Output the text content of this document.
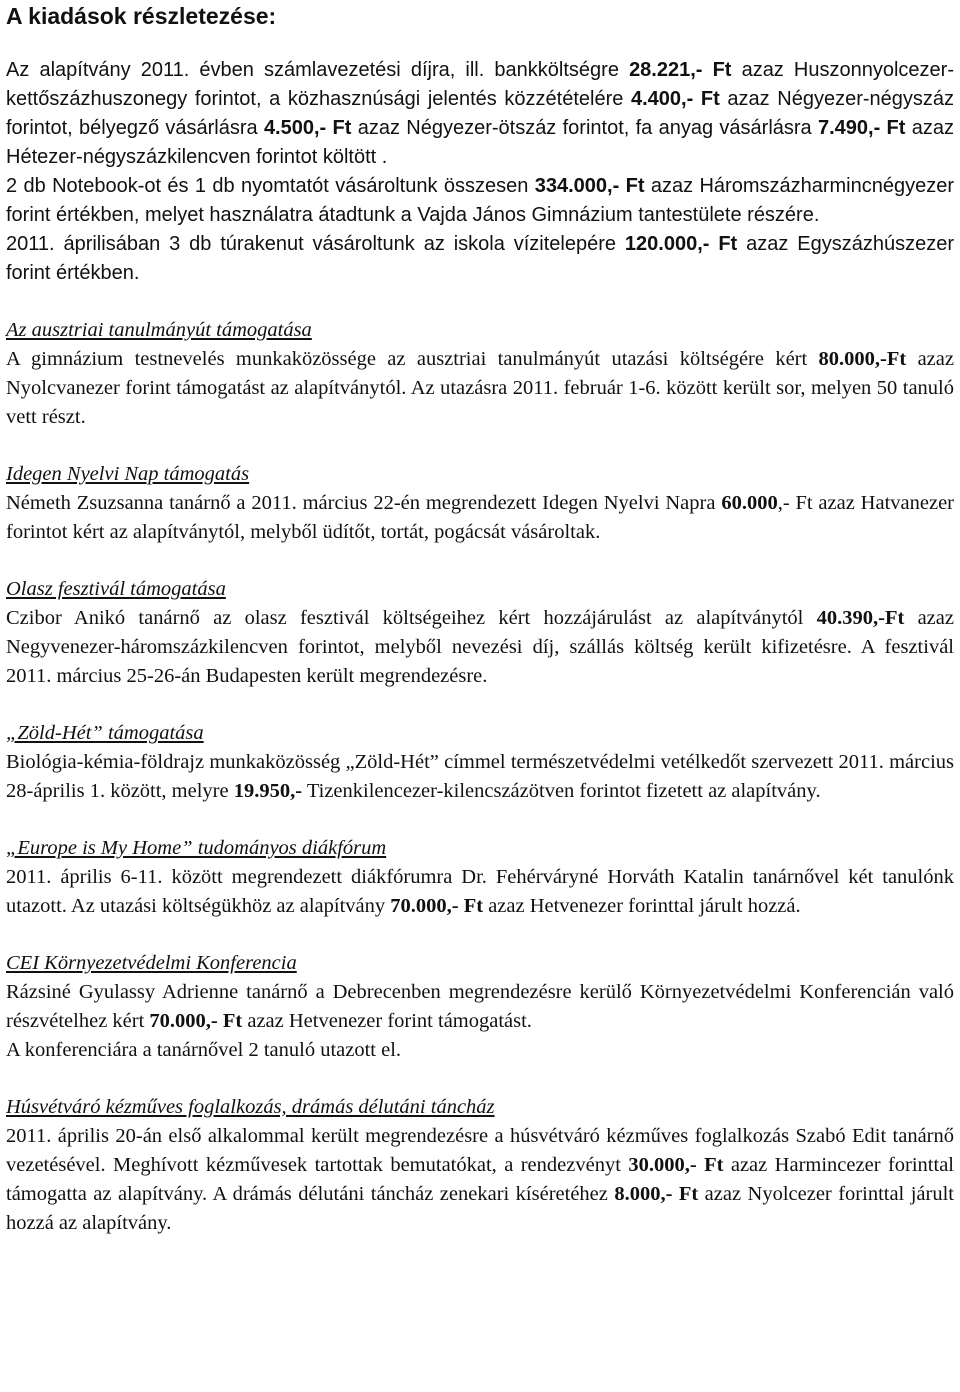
A kiadások részletezése:

Az alapítvány 2011. évben számlavezetési díjra, ill. bankköltségre 28.221,- Ft azaz Huszonnyolcezer-kettőszázhuszonegy forintot, a közhasznúsági jelentés közzétételére 4.400,- Ft azaz Négyezer-négyszáz forintot, bélyegző vásárlásra 4.500,- Ft azaz Négyezer-ötszáz forintot, fa anyag vásárlásra 7.490,- Ft azaz Hétezer-négyszázkilencven forintot költött .

2 db Notebook-ot és 1 db nyomtatót vásároltunk összesen 334.000,- Ft azaz Háromszázharmincnégyezer forint értékben, melyet használatra átadtunk a Vajda János Gimnázium tantestülete részére.

2011. áprilisában 3 db túrakenut vásároltunk az iskola vízitelepére 120.000,- Ft azaz Egyszázhúszezer forint értékben.

Az ausztriai tanulmányút támogatása

A gimnázium testnevelés munkaközössége az ausztriai tanulmányút utazási költségére kért 80.000,-Ft azaz Nyolcvanezer forint támogatást az alapítványtól. Az utazásra 2011. február 1-6. között került sor, melyen 50 tanuló vett részt.

Idegen Nyelvi Nap támogatás

Németh Zsuzsanna tanárnő a 2011. március 22-én megrendezett Idegen Nyelvi Napra 60.000,- Ft azaz Hatvanezer forintot kért az alapítványtól, melyből üdítőt, tortát, pogácsát vásároltak.

Olasz fesztivál támogatása

Czibor Anikó tanárnő az olasz fesztivál költségeihez kért hozzájárulást az alapítványtól 40.390,-Ft azaz Negyvenezer-háromszázkilencven forintot, melyből nevezési díj, szállás költség került kifizetésre. A fesztivál 2011. március 25-26-án Budapesten került megrendezésre.

„Zöld-Hét” támogatása

Biológia-kémia-földrajz munkaközösség „Zöld-Hét” címmel természetvédelmi vetélkedőt szervezett 2011. március 28-április 1. között, melyre 19.950,- Tizenkilencezer-kilencszázötven forintot fizetett az alapítvány.

„Europe is My Home” tudományos diákfórum

2011. április 6-11. között megrendezett diákfórumra Dr. Fehérváryné Horváth Katalin tanárnővel két tanulónk utazott. Az utazási költségükhöz az alapítvány 70.000,- Ft azaz Hetvenezer forinttal járult hozzá.

CEI Környezetvédelmi Konferencia

Rázsiné Gyulassy Adrienne tanárnő a Debrecenben megrendezésre kerülő Környezetvédelmi Konferencián való részvételhez kért 70.000,- Ft azaz Hetvenezer forint támogatást.

A konferenciára a tanárnővel 2 tanuló utazott el.

Húsvétváró kézműves foglalkozás, drámás délutáni táncház

2011. április 20-án első alkalommal került megrendezésre a húsvétváró kézműves foglalkozás Szabó Edit tanárnő vezetésével. Meghívott kézművesek tartottak bemutatókat, a rendezvényt 30.000,- Ft azaz Harmincezer forinttal támogatta az alapítvány. A drámás délutáni táncház zenekari kíséretéhez 8.000,- Ft azaz Nyolcezer forinttal járult hozzá az alapítvány.
